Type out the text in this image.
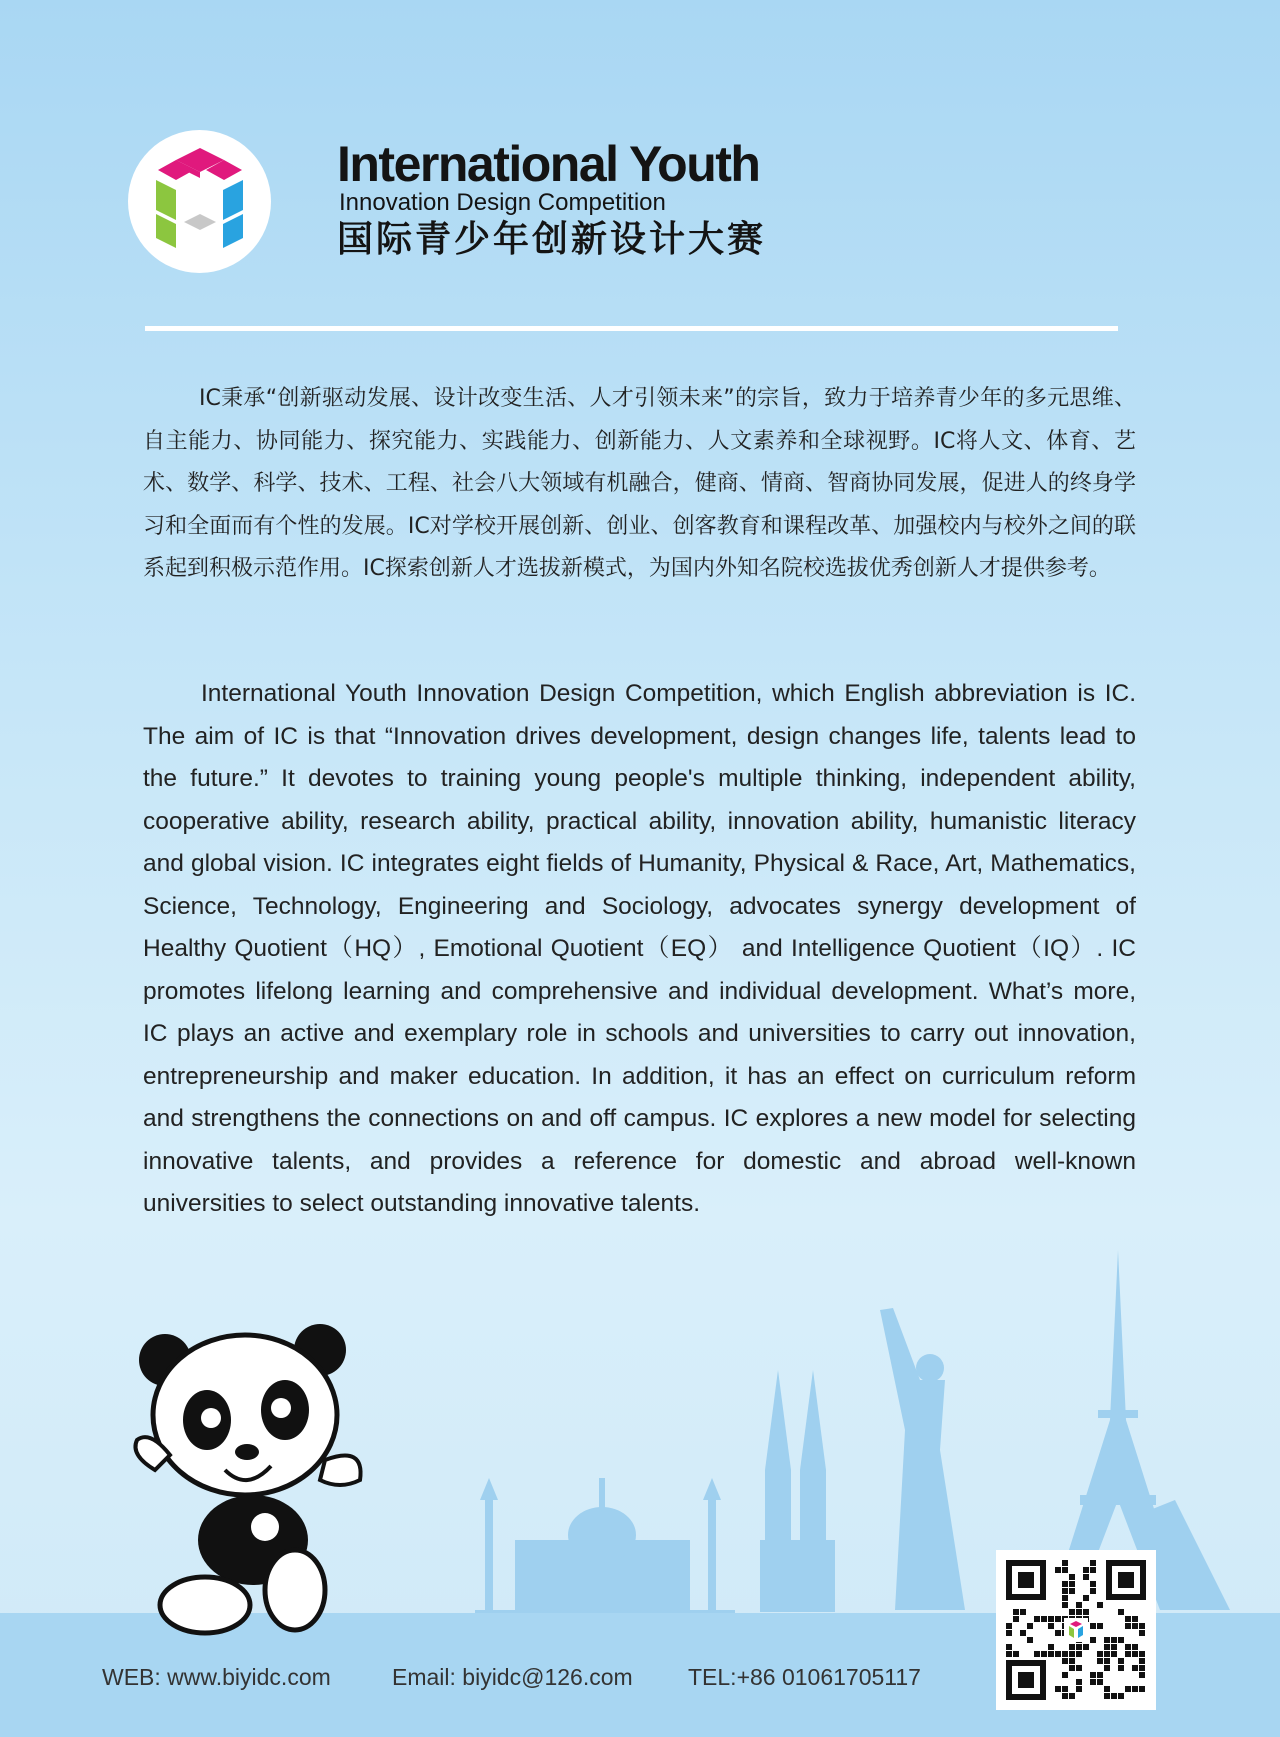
International Youth

Innovation Design Competition

国际青少年创新设计大赛

IC秉承“创新驱动发展、设计改变生活、人才引领未来”的宗旨，致力于培养青少年的多元思维、自主能力、协同能力、探究能力、实践能力、创新能力、人文素养和全球视野。IC将人文、体育、艺术、数学、科学、技术、工程、社会八大领域有机融合，健商、情商、智商协同发展，促进人的终身学习和全面而有个性的发展。IC对学校开展创新、创业、创客教育和课程改革、加强校内与校外之间的联系起到积极示范作用。IC探索创新人才选拔新模式，为国内外知名院校选拔优秀创新人才提供参考。

International Youth Innovation Design Competition, which English abbreviation is IC. The aim of IC is that “Innovation drives development, design changes life, talents lead to the future.” It devotes to training young people's multiple thinking, independent ability, cooperative ability, research ability, practical ability, innovation ability, humanistic literacy and global vision. IC integrates eight fields of Humanity, Physical & Race, Art, Mathematics, Science, Technology, Engineering and Sociology, advocates synergy development of Healthy Quotient（HQ）, Emotional Quotient（EQ） and Intelligence Quotient（IQ）. IC promotes lifelong learning and comprehensive and individual development. What’s more, IC plays an active and exemplary role in schools and universities to carry out innovation, entrepreneurship and maker education. In addition, it has an effect on curriculum reform and strengthens the connections on and off campus. IC explores a new model for selecting innovative talents, and provides a reference for domestic and abroad well-known universities to select outstanding innovative talents.

WEB: www.biyidc.com	Email: biyidc@126.com TEL:+86 01061705117
